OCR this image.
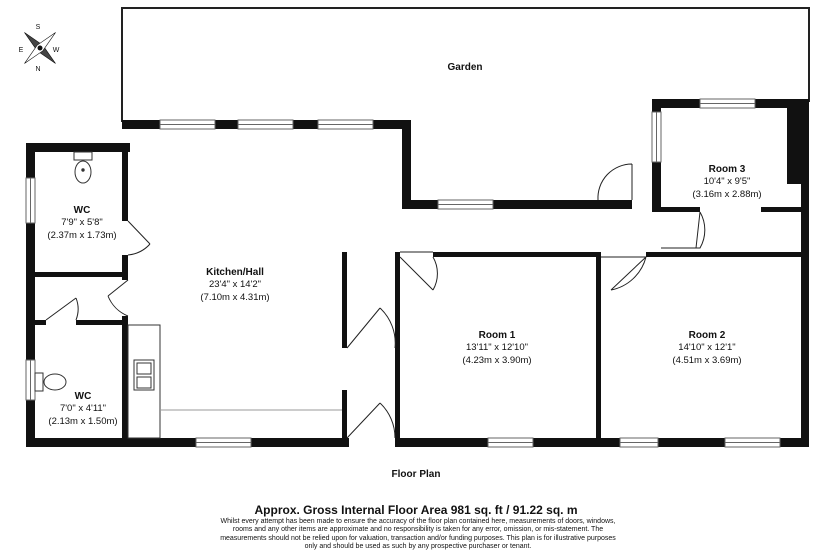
N
S
E	W
Garden
WC
7'9" x 5'8"
(2.37m x 1.73m)
Kitchen/Hall
23'4" x 14'2"
(7.10m x 4.31m)
Room 3
10'4" x 9'5"
(3.16m x 2.88m)
Room 1
13'11" x 12'10"
(4.23m x 3.90m)
Room 2
14'10" x 12'1"
(4.51m x 3.69m)
WC
7'0" x 4'11"
(2.13m x 1.50m)
Floor Plan
Approx. Gross Internal Floor Area 981 sq. ft / 91.22 sq. m
Whilst every attempt has been made to ensure the accuracy of the floor plan contained here, measurements of doors, windows, rooms and any other items are approximate and no responsibility is taken for any error, omission, or mis-statement. The measurements should not be relied upon for valuation, transaction and/or funding purposes. This plan is for illustrative purposes only and should be used as such by any prospective purchaser or tenant.
